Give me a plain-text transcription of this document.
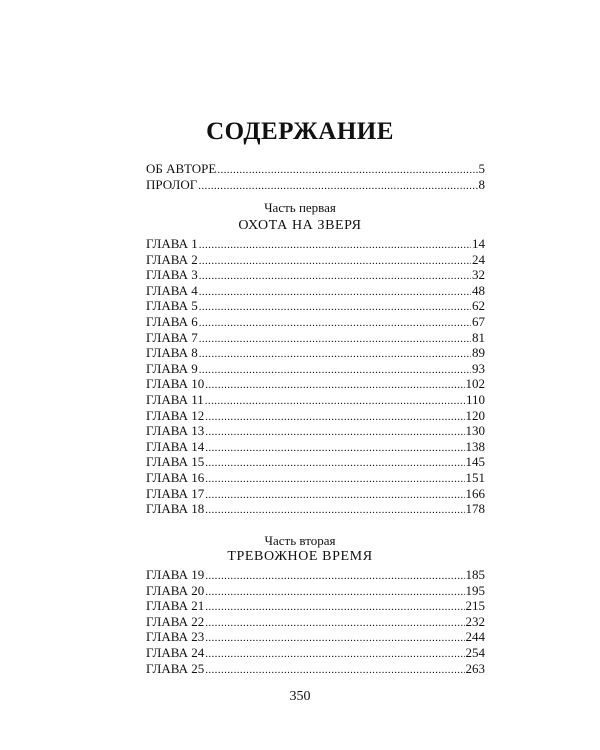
СОДЕРЖАНИЕ
ОБ АВТОРЕ .....	5
ПРОЛОГ .....	8
Часть первая
ОХОТА НА ЗВЕРЯ
ГЛАВА 1 .....	14
ГЛАВА 2 .....	24
ГЛАВА 3 .....	32
ГЛАВА 4 .....	48
ГЛАВА 5 .....	62
ГЛАВА 6 .....	67
ГЛАВА 7 .....	81
ГЛАВА 8 .....	89
ГЛАВА 9 .....	93
ГЛАВА 10 .....	102
ГЛАВА 11 .....	110
ГЛАВА 12 .....	120
ГЛАВА 13 .....	130
ГЛАВА 14 .....	138
ГЛАВА 15 .....	145
ГЛАВА 16 .....	151
ГЛАВА 17 .....	166
ГЛАВА 18 .....	178
Часть вторая
ТРЕВОЖНОЕ ВРЕМЯ
ГЛАВА 19 .....	185
ГЛАВА 20 .....	195
ГЛАВА 21 .....	215
ГЛАВА 22 .....	232
ГЛАВА 23 .....	244
ГЛАВА 24 .....	254
ГЛАВА 25 .....	263
350
